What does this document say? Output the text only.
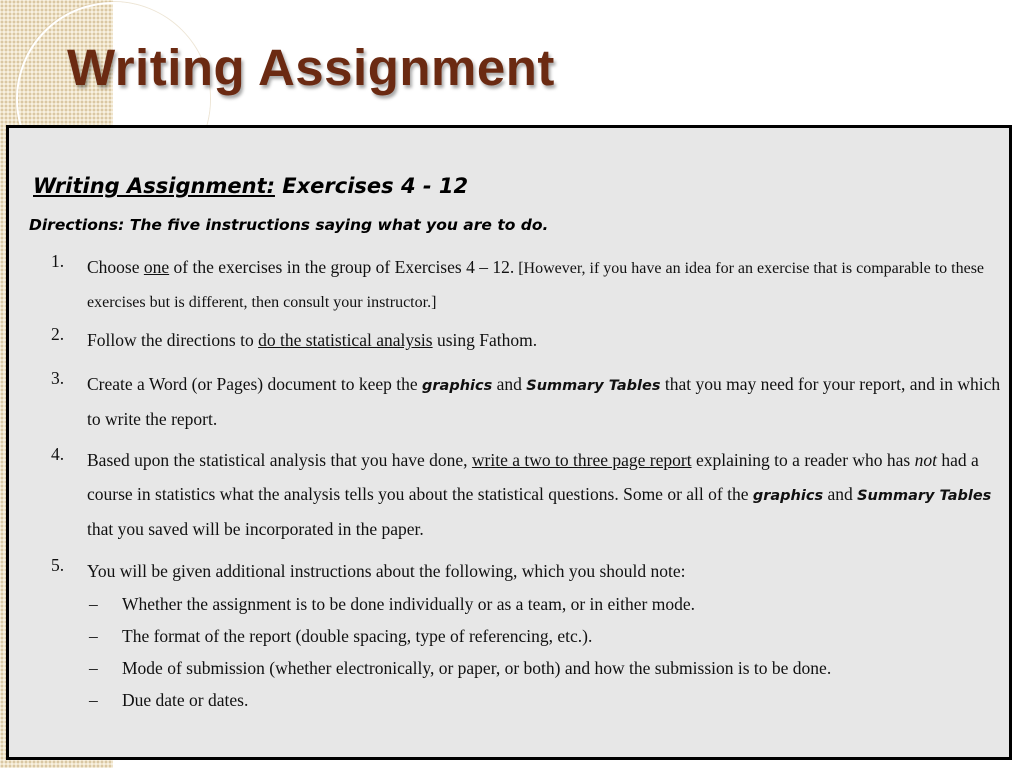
Writing Assignment
Writing Assignment: Exercises 4 - 12
Directions: The five instructions saying what you are to do.
1. Choose one of the exercises in the group of Exercises 4 – 12. [However, if you have an idea for an exercise that is comparable to these exercises but is different, then consult your instructor.]
2. Follow the directions to do the statistical analysis using Fathom.
3. Create a Word (or Pages) document to keep the graphics and Summary Tables that you may need for your report, and in which to write the report.
4. Based upon the statistical analysis that you have done, write a two to three page report explaining to a reader who has not had a course in statistics what the analysis tells you about the statistical questions. Some or all of the graphics and Summary Tables that you saved will be incorporated in the paper.
5. You will be given additional instructions about the following, which you should note:
– Whether the assignment is to be done individually or as a team, or in either mode.
– The format of the report (double spacing, type of referencing, etc.).
– Mode of submission (whether electronically, or paper, or both) and how the submission is to be done.
– Due date or dates.
